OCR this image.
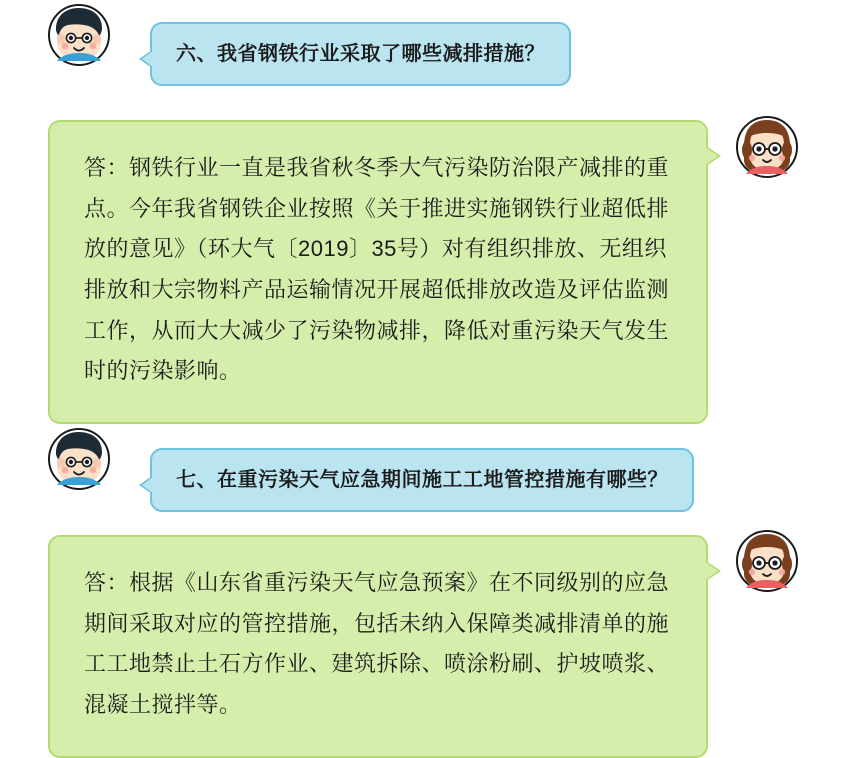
六、我省钢铁行业采取了哪些减排措施？
答：钢铁行业一直是我省秋冬季大气污染防治限产减排的重点。今年我省钢铁企业按照《关于推进实施钢铁行业超低排放的意见》（环大气〔2019〕35号）对有组织排放、无组织排放和大宗物料产品运输情况开展超低排放改造及评估监测工作，从而大大减少了污染物减排，降低对重污染天气发生时的污染影响。
七、在重污染天气应急期间施工工地管控措施有哪些？
答：根据《山东省重污染天气应急预案》在不同级别的应急期间采取对应的管控措施，包括未纳入保障类减排清单的施工工地禁止土石方作业、建筑拆除、喷涂粉刷、护坡喷浆、混凝土搅拌等。
